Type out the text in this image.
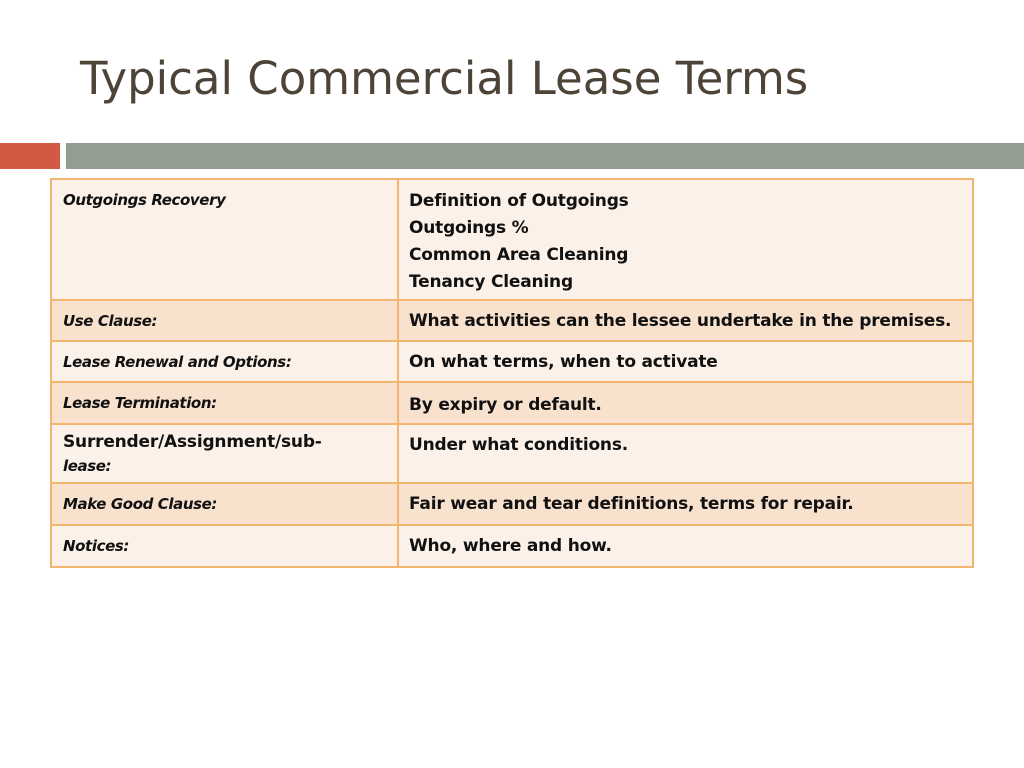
Typical Commercial Lease Terms
Outgoings Recovery	Definition of Outgoings
Outgoings %
Common Area Cleaning
Tenancy Cleaning

Use Clause:	What activities can the lessee undertake in the premises.

Lease Renewal and Options:	On what terms, when to activate

Lease Termination:	By expiry or default.

Surrender/Assignment/sub-
lease:	Under what conditions.

Make Good Clause:	Fair wear and tear definitions, terms for repair.

Notices:	Who, where and how.
